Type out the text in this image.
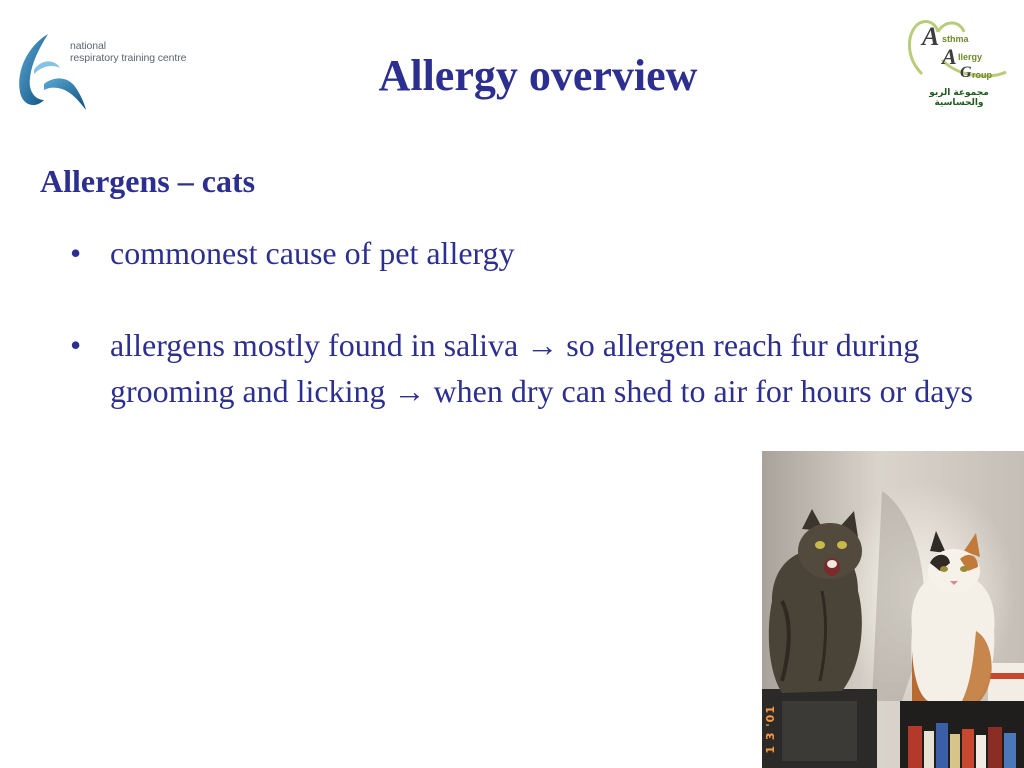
national
respiratory training centre	Allergy overview
A sthma
A llergy
G roup
مجموعة الربو والحساسية
Allergens – cats
• commonest cause of pet allergy
• allergens mostly found in saliva → so allergen reach fur during grooming and licking → when dry can shed to air for hours or days
1 3 '01
